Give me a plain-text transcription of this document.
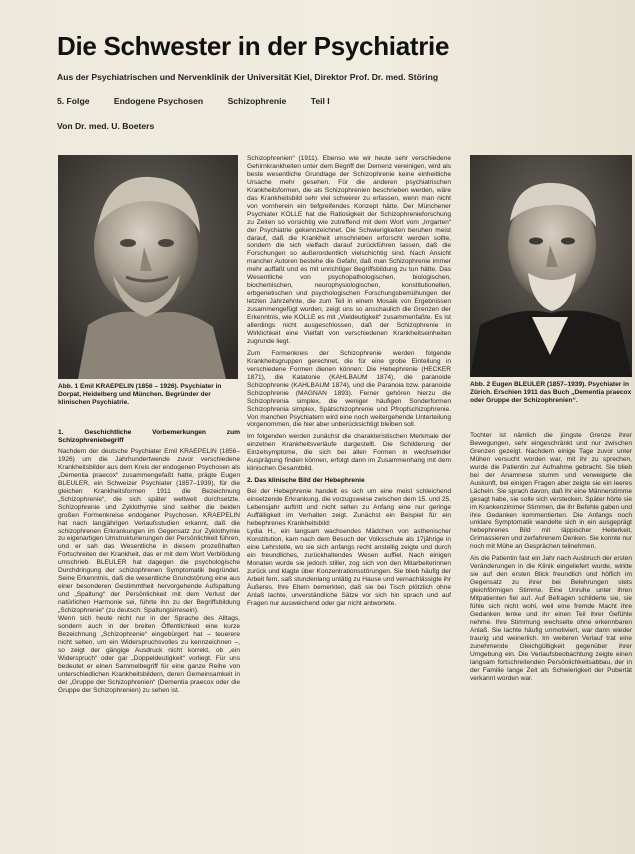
Die Schwester in der Psychiatrie
Aus der Psychiatrischen und Nervenklinik der Universität Kiel, Direktor Prof. Dr. med. Störing
5. Folge	Endogene Psychosen	Schizophrenie	Teil I
Von Dr. med. U. Boeters
Abb. 1 Emil KRAEPELIN (1856 – 1926). Psychiater in Dorpat, Heidelberg und München. Begründer der klinischen Psychiatrie.
Abb. 2 Eugen BLEULER (1857–1939). Psychiater in Zürich. Erschien 1911 das Buch „Dementia praecox oder Gruppe der Schizophrenien“.
1. Geschichtliche Vorbemerkungen zum Schizophreniebegriff

Nachdem der deutsche Psychiater Emil KRAEPELIN (1856–1926) um die Jahrhundertwende zuvor verschiedene Krankheitsbilder aus dem Kreis der endogenen Psychosen als „Dementia praecox“ zusammengefaßt hatte, prägte Eugen BLEULER, ein Schweizer Psychiater (1857–1939), für die gleichen Krankheitsformen 1911 die Bezeichnung „Schizophrenie“, die sich später weltweit durchsetzte. Schizophrenie und Zyklothymie sind seither die beiden großen Formenkreise endogener Psychosen. KRAEPELIN hat nach langjährigen Verlaufsstudien erkannt, daß die schizophrenen Erkrankungen im Gegensatz zur Zyklothymie zu eigenartigen Umstrukturierungen der Persönlichkeit führen, und er sah das Wesentliche in diesem prozeßhaften Fortschreiten der Krankheit, das er mit dem Wort Verblödung umschrieb. BLEULER hat dagegen die psychologische Durchdringung der schizophrenen Symptomatik begründet. Seine Erkenntnis, daß die wesentliche Grundstörung eine aus einer besonderen Gestimmtheit hervorgehende Aufspaltung und „Spaltung“ der Persönlichkeit mit dem Verlust der natürlichen Harmonie sei, führte ihn zu der Begriffsbildung „Schizophrenie“ (zu deutsch: Spaltungsirresein).

Wenn sich heute nicht nur in der Sprache des Alltags, sondern auch in der breiten Öffentlichkeit eine kurze Bezeichnung „Schizophrenie“ eingebürgert hat – teuerere nicht selten, um ein Widerspruchsvolles zu kennzeichnen –, so zeigt der gängige Ausdruck nicht korrekt, ob „ein Widerspruch“ oder gar „Doppeldeutigkeit“ vorliegt. Für uns bedeutet er einen Sammelbegriff für eine ganze Reihe von unterschiedlichen Krankheitsbildern, deren Gemeinsamkeit in der „Gruppe der Schizophrenien“ (Dementia praecox oder die Gruppe der Schizophrenien) zu sehen ist.

Schizophrenien“ (1911). Ebenso wie wir heute sehr verschiedene Gehirnkrankheiten unter dem Begriff der Demenz vereinigen, wird als beste wesentliche Grundlage der Schizophrenie keine einheitliche Ursache mehr gesehen. Für die anderen psychiatrischen Krankheitsformen, die als Schizophrenien beschrieben werden, wäre das Krankheitsbild sehr viel schwerer zu erfassen, wenn man nicht von vornherein ein tiefgreifendes Konzept hätte. Der Münchener Psychiater KOLLE hat die Ratlosigkeit der Schizophrenieforschung zu Zeiten so vorsichtig wie zutreffend mit dem Wort vom „Irrgarten“ der Psychiatrie gekennzeichnet. Die Schwierigkeiten beruhen meist darauf, daß die Krankheit umschrieben erforscht werden sollte, sondern die sich vielfach darauf zurückführen lassen, daß die Forschungen so außerordentlich vielschichtig sind. Nach Ansicht mancher Autoren bestehe die Gefahr, daß man Schizophrenie immer mehr auffaßt und es mit unrichtiger Begriffsbildung zu tun hätte. Das Wesentliche von psychopathologischen, biologischen, biochemischen, neurophysiologischen, konstitutionellen, erbgenetischen und psychologischen Forschungsbemühungen der letzten Jahrzehnte, die zum Teil in einem Mosaik von Ergebnissen zusammengefügt wurden, zeigt uns so anschaulich die Grenzen der Erkenntnis, wie KOLLE es mit „Vieldeutigkeit“ zusammenfaßte. Es ist allerdings nicht ausgeschlossen, daß der Schizophrenie in Wirklichkeit eine Vielfalt von verschiedenen Krankheitseinheiten zugrunde liegt.

Zum Formenkreis der Schizophrenie werden folgende Krankheitsgruppen gerechnet, die für eine grobe Einteilung in verschiedene Formen dienen können: Die Hebephrenie (HECKER 1871), die Katatonie (KAHLBAUM 1874), die paranoide Schizophrenie (KAHLBAUM 1874), und die Paranoia bzw. paranoide Schizophrenie (MAGNAN 1893). Ferner gehören hierzu die Schizophrenia simplex, die weniger häufigen Sonderformen Schizophrenia simplex, Spätschizophrenie und Pfropfschizophrenie. Von manchen Psychiatern wird eine noch weitergehende Unterteilung vorgenommen, die hier aber unberücksichtigt bleiben soll.

Im folgenden werden zunächst die charakteristischen Merkmale der einzelnen Krankheitsverläufe dargestellt. Die Schilderung der Einzelsymptome, die sich bei allen Formen in wechselnder Ausprägung finden können, erfolgt dann im Zusammenhang mit dem klinischen Gesamtbild.

2. Das klinische Bild der Hebephrenie

Bei der Hebephrenie handelt es sich um eine meist schleichend einsetzende Erkrankung, die vorzugsweise zwischen dem 15. und 25. Lebensjahr auftritt und nicht selten zu Anfang eine nur geringe Auffälligkeit im Verhalten zeigt. Zunächst ein Beispiel für ein hebephrenes Krankheitsbild:

Lydia H., ein langsam wachsendes Mädchen von asthenischer Konstitution, kam nach dem Besuch der Volksschule als 17jährige in eine Lehrstelle, wo sie sich anfangs recht anstellig zeigte und durch ein freundliches, zurückhaltendes Wesen auffiel. Nach einigen Monaten wurde sie jedoch stiller, zog sich von den Mitarbeiterinnen zurück und klagte über Konzentrationsstörungen. Sie blieb häufig der Arbeit fern, saß stundenlang untätig zu Hause und vernachlässigte ihr Äußeres. Ihre Eltern bemerkten, daß sie bei Tisch plötzlich ohne Anlaß lachte, unverständliche Sätze vor sich hin sprach und auf Fragen nur ausweichend oder gar nicht antwortete.

Tochter ist nämlich die jüngste Grenze ihrer Bewegungen, sehr eingeschränkt und nur zwischen Grenzen gezeigt. Nachdem einige Tage zuvor unter Mühen versucht worden war, mit ihr zu sprechen, wurde die Patientin zur Aufnahme gebracht. Sie blieb bei der Anamnese stumm und verweigerte die Auskunft, bei einigen Fragen aber zeigte sie ein leeres Lächeln. Sie sprach davon, daß ihr eine Männerstimme gesagt habe, sie solle sich verstecken. Später hörte sie im Krankenzimmer Stimmen, die ihr Befehle gaben und ihre Gedanken kommentierten. Die Anfangs noch unklare Symptomatik wandelte sich in ein ausgeprägt hebephrenes Bild mit läppischer Heiterkeit, Grimassieren und zerfahrenem Denken. Sie konnte nur noch mit Mühe an Gesprächen teilnehmen.

Als die Patientin fast ein Jahr nach Ausbruch der ersten Veränderungen in die Klinik eingeliefert wurde, wirkte sie auf den ersten Blick freundlich und höflich im Gegensatz zu ihrer bei Belehrungen stets gleichförmigen Stimme. Eine Unruhe unter ihren Mitpatienten fiel auf. Auf Befragen schilderte sie, sie fühle sich nicht wohl, weil eine fremde Macht ihre Gedanken lenke und ihr einen Teil ihrer Gefühle nehme. Ihre Stimmung wechselte ohne erkennbaren Anlaß. Sie lachte häufig unmotiviert, war dann wieder traurig und weinerlich. Im weiteren Verlauf trat eine zunehmende Gleichgültigkeit gegenüber ihrer Umgebung ein. Die Verlaufsbeobachtung zeigte einen langsam fortschreitenden Persönlichkeitsabbau, der in der Familie lange Zeit als Schwierigkeit der Pubertät verkannt worden war.
